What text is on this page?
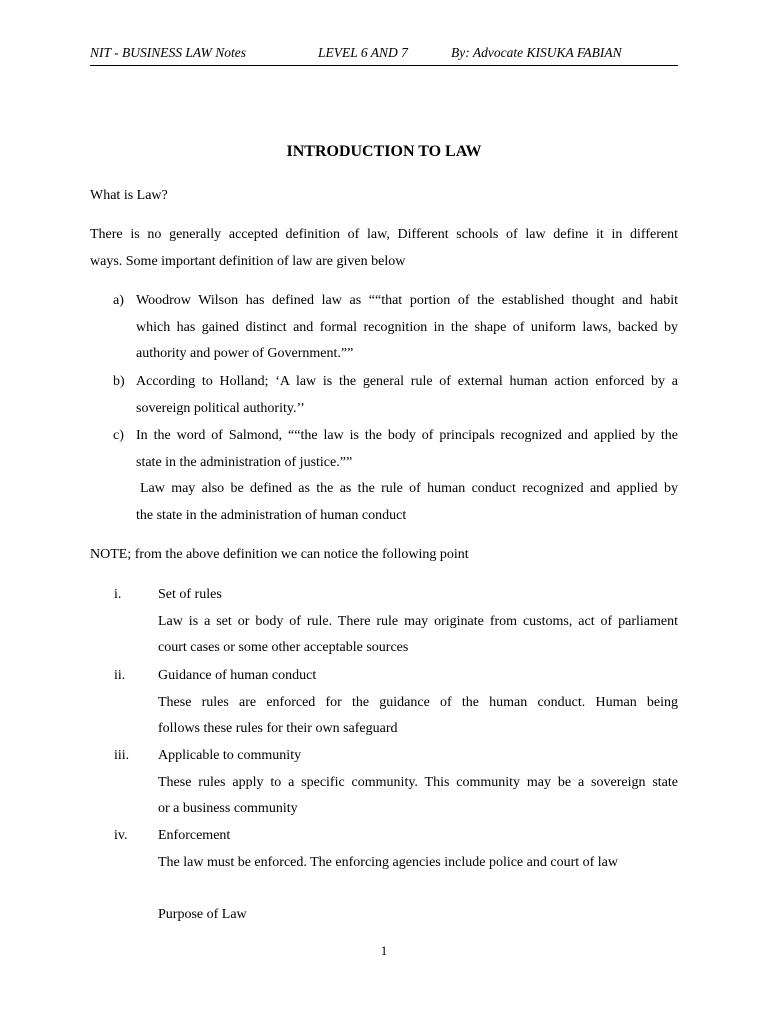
NIT - BUSINESS LAW Notes	LEVEL 6 AND 7	By: Advocate KISUKA FABIAN
INTRODUCTION TO LAW
What is Law?
There is no generally accepted definition of law, Different schools of law define it in different
ways. Some important definition of law are given below
a) Woodrow Wilson has defined law as ““that portion of the established thought and habit
which has gained distinct and formal recognition in the shape of uniform laws, backed by
authority and power of Government.””
b) According to Holland; ‘A law is the general rule of external human action enforced by a
sovereign political authority.’’
c) In the word of Salmond, ““the law is the body of principals recognized and applied by the
state in the administration of justice.””
Law may also be defined as the as the rule of human conduct recognized and applied by
the state in the administration of human conduct
NOTE; from the above definition we can notice the following point
i.	Set of rules
Law is a set or body of rule. There rule may originate from customs, act of parliament
court cases or some other acceptable sources
ii. Guidance of human conduct
These rules are enforced for the guidance of the human conduct. Human being
follows these rules for their own safeguard
iii. Applicable to community
These rules apply to a specific community. This community may be a sovereign state
or a business community
iv. Enforcement
The law must be enforced. The enforcing agencies include police and court of law
Purpose of Law
1
